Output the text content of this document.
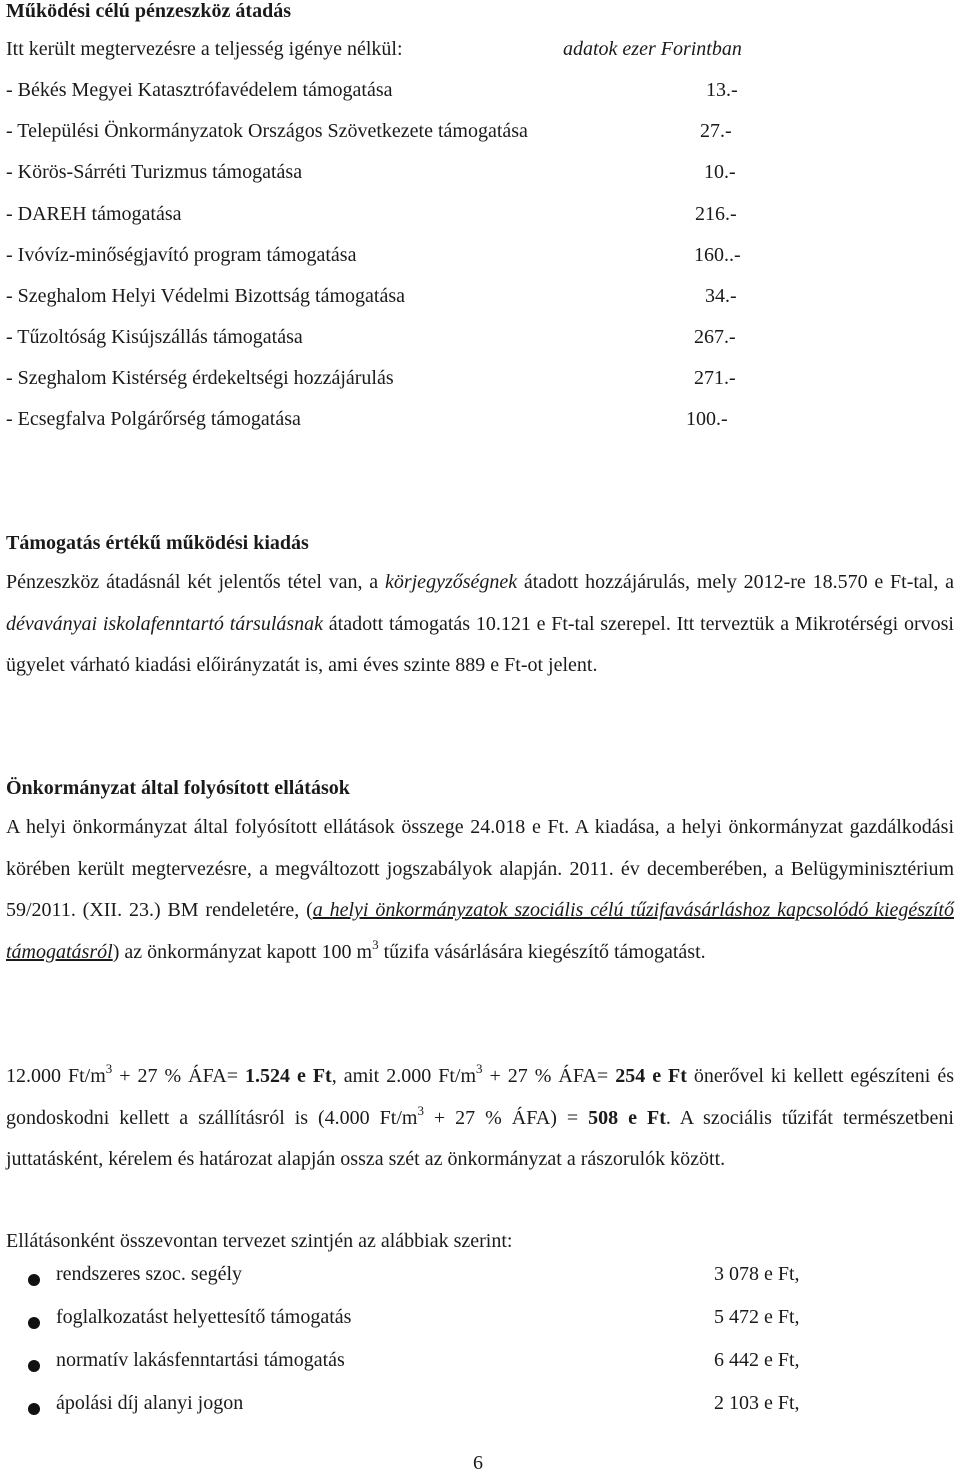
Működési célú pénzeszköz átadás
Itt került megtervezésre a teljesség igénye nélkül:	adatok ezer Forintban
- Békés Megyei Katasztrófavédelem támogatása	13.-
- Települési Önkormányzatok Országos Szövetkezete támogatása	27.-
- Körös-Sárréti Turizmus támogatása	10.-
- DAREH támogatása	216.-
- Ivóvíz-minőségjavító program támogatása	160..-
- Szeghalom Helyi Védelmi Bizottság támogatása	34.-
- Tűzoltóság Kisújszállás támogatása	267.-
- Szeghalom Kistérség érdekeltségi hozzájárulás	271.-
- Ecsegfalva Polgárőrség támogatása	100.-
Támogatás értékű működési kiadás
Pénzeszköz átadásnál két jelentős tétel van, a körjegyzőségnek átadott hozzájárulás, mely 2012-re 18.570 e Ft-tal, a dévaványai iskolafenntartó társulásnak átadott támogatás 10.121 e Ft-tal szerepel. Itt terveztük a Mikrotérségi orvosi ügyelet várható kiadási előirányzatát is, ami éves szinte 889 e Ft-ot jelent.
Önkormányzat által folyósított ellátások
A helyi önkormányzat által folyósított ellátások összege 24.018 e Ft. A kiadása, a helyi önkormányzat gazdálkodási körében került megtervezésre, a megváltozott jogszabályok alapján. 2011. év decemberében, a Belügyminisztérium 59/2011. (XII. 23.) BM rendeletére, (a helyi önkormányzatok szociális célú tűzifavásárláshoz kapcsolódó kiegészítő támogatásról) az önkormányzat kapott 100 $m^3$ tűzifa vásárlására kiegészítő támogatást.
12.000 $Ft/m^3 + 27$ % ÁFA= 1.524 e Ft, amit 2.000 $Ft/m^3 + 27$ % ÁFA= 254 e Ft önerővel ki kellett egészíteni és gondoskodni kellett a szállításról is (4.000 $Ft/m^3 + 27$ % ÁFA) = 508 e Ft. A szociális tűzifát természetbeni juttatásként, kérelem és határozat alapján ossza szét az önkormányzat a rászorulók között.
Ellátásonként összevontan tervezet szintjén az alábbiak szerint:
rendszeres szoc. segély	3 078 e Ft,
foglalkozatást helyettesítő támogatás	5 472 e Ft,
normatív lakásfenntartási támogatás	6 442 e Ft,
ápolási díj alanyi jogon	2 103 e Ft,
6
